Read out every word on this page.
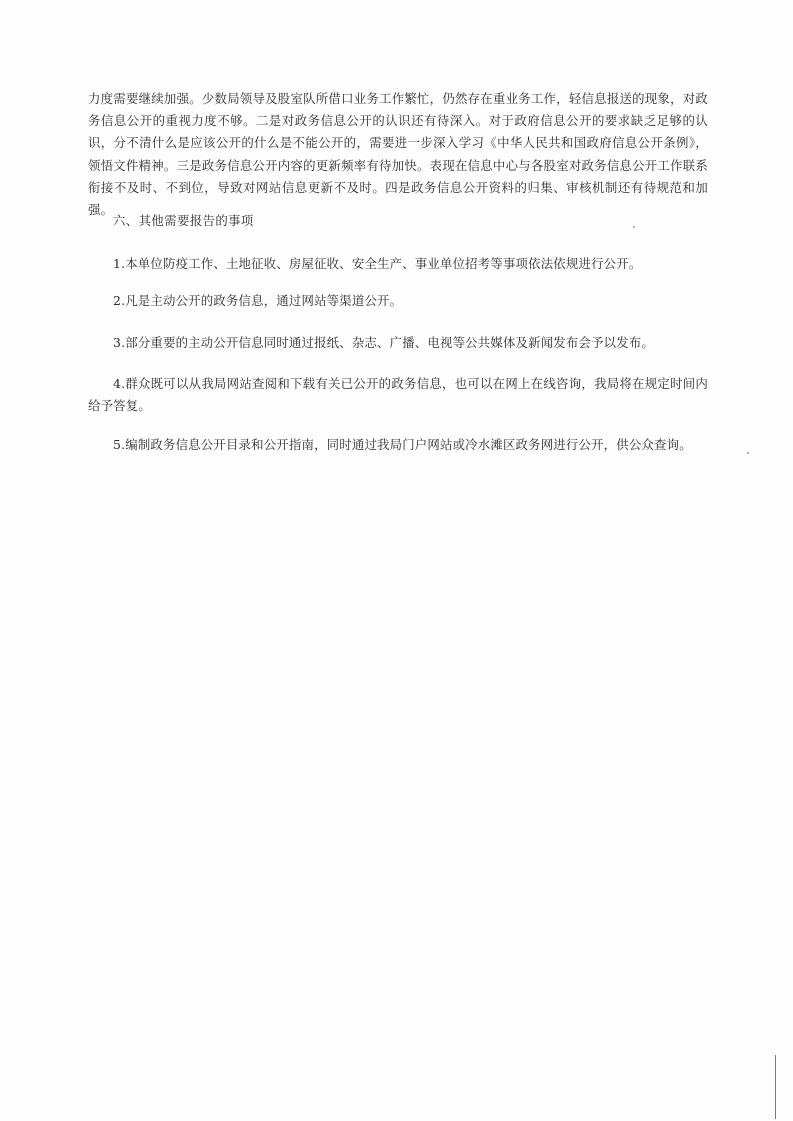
力度需要继续加强。少数局领导及股室队所借口业务工作繁忙，仍然存在重业务工作，轻信息报送的现象，对政务信息公开的重视力度不够。二是对政务信息公开的认识还有待深入。对于政府信息公开的要求缺乏足够的认识，分不清什么是应该公开的什么是不能公开的，需要进一步深入学习《中华人民共和国政府信息公开条例》，领悟文件精神。三是政务信息公开内容的更新频率有待加快。表现在信息中心与各股室对政务信息公开工作联系衔接不及时、不到位，导致对网站信息更新不及时。四是政务信息公开资料的归集、审核机制还有待规范和加强。

六、其他需要报告的事项

1.本单位防疫工作、土地征收、房屋征收、安全生产、事业单位招考等事项依法依规进行公开。

2.凡是主动公开的政务信息，通过网站等渠道公开。

3.部分重要的主动公开信息同时通过报纸、杂志、广播、电视等公共媒体及新闻发布会予以发布。

4.群众既可以从我局网站查阅和下载有关已公开的政务信息，也可以在网上在线咨询，我局将在规定时间内给予答复。

5.编制政务信息公开目录和公开指南，同时通过我局门户网站或冷水滩区政务网进行公开，供公众查询。
